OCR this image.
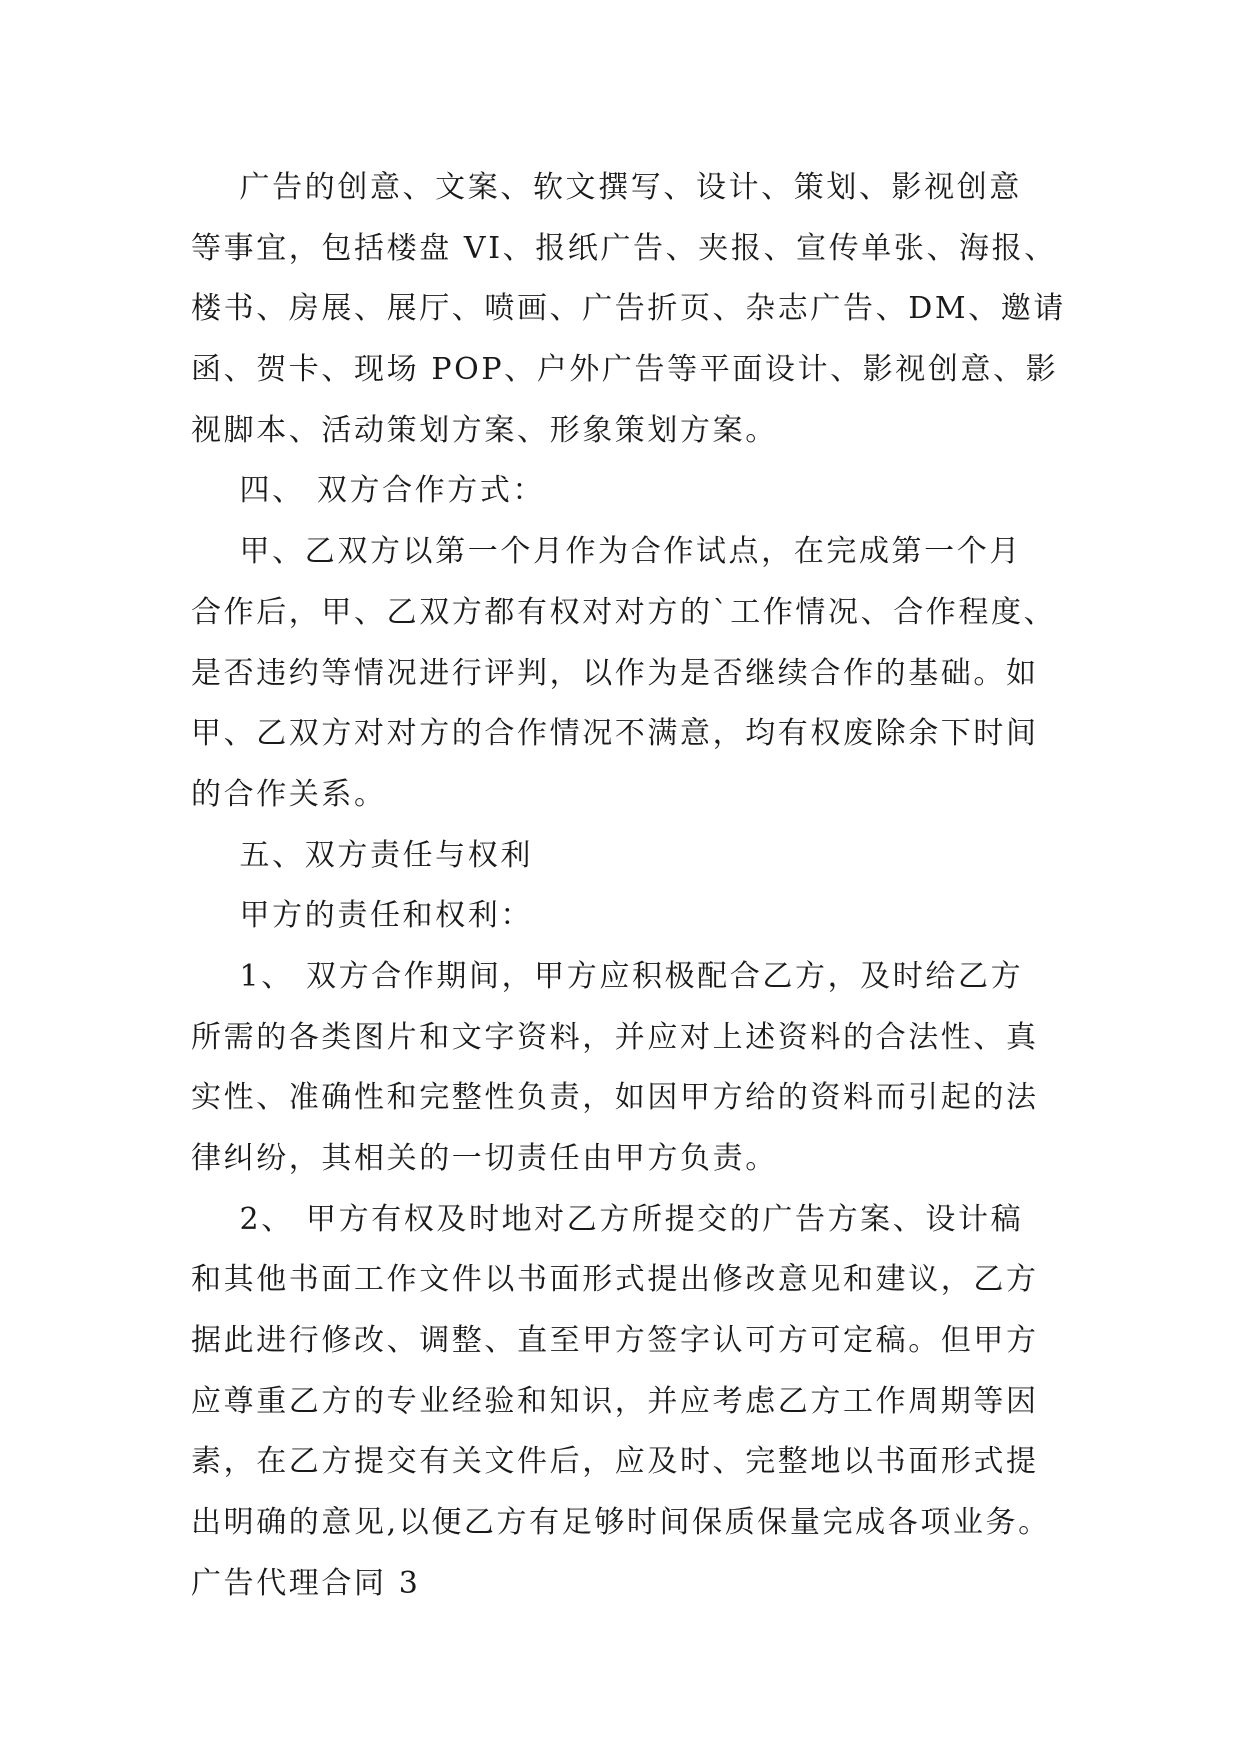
广告的创意、文案、软文撰写、设计、策划、影视创意
等事宜，包括楼盘 VI、报纸广告、夹报、宣传单张、海报、
楼书、房展、展厅、喷画、广告折页、杂志广告、DM、邀请
函、贺卡、现场 POP、户外广告等平面设计、影视创意、影
视脚本、活动策划方案、形象策划方案。
四、 双方合作方式：
甲、乙双方以第一个月作为合作试点，在完成第一个月
合作后，甲、乙双方都有权对对方的`工作情况、合作程度、
是否违约等情况进行评判，以作为是否继续合作的基础。如
甲、乙双方对对方的合作情况不满意，均有权废除余下时间
的合作关系。
五、双方责任与权利
甲方的责任和权利：
1、 双方合作期间，甲方应积极配合乙方，及时给乙方
所需的各类图片和文字资料，并应对上述资料的合法性、真
实性、准确性和完整性负责，如因甲方给的资料而引起的法
律纠纷，其相关的一切责任由甲方负责。
2、 甲方有权及时地对乙方所提交的广告方案、设计稿
和其他书面工作文件以书面形式提出修改意见和建议，乙方
据此进行修改、调整、直至甲方签字认可方可定稿。但甲方
应尊重乙方的专业经验和知识，并应考虑乙方工作周期等因
素，在乙方提交有关文件后，应及时、完整地以书面形式提
出明确的意见,以便乙方有足够时间保质保量完成各项业务。
广告代理合同 3
